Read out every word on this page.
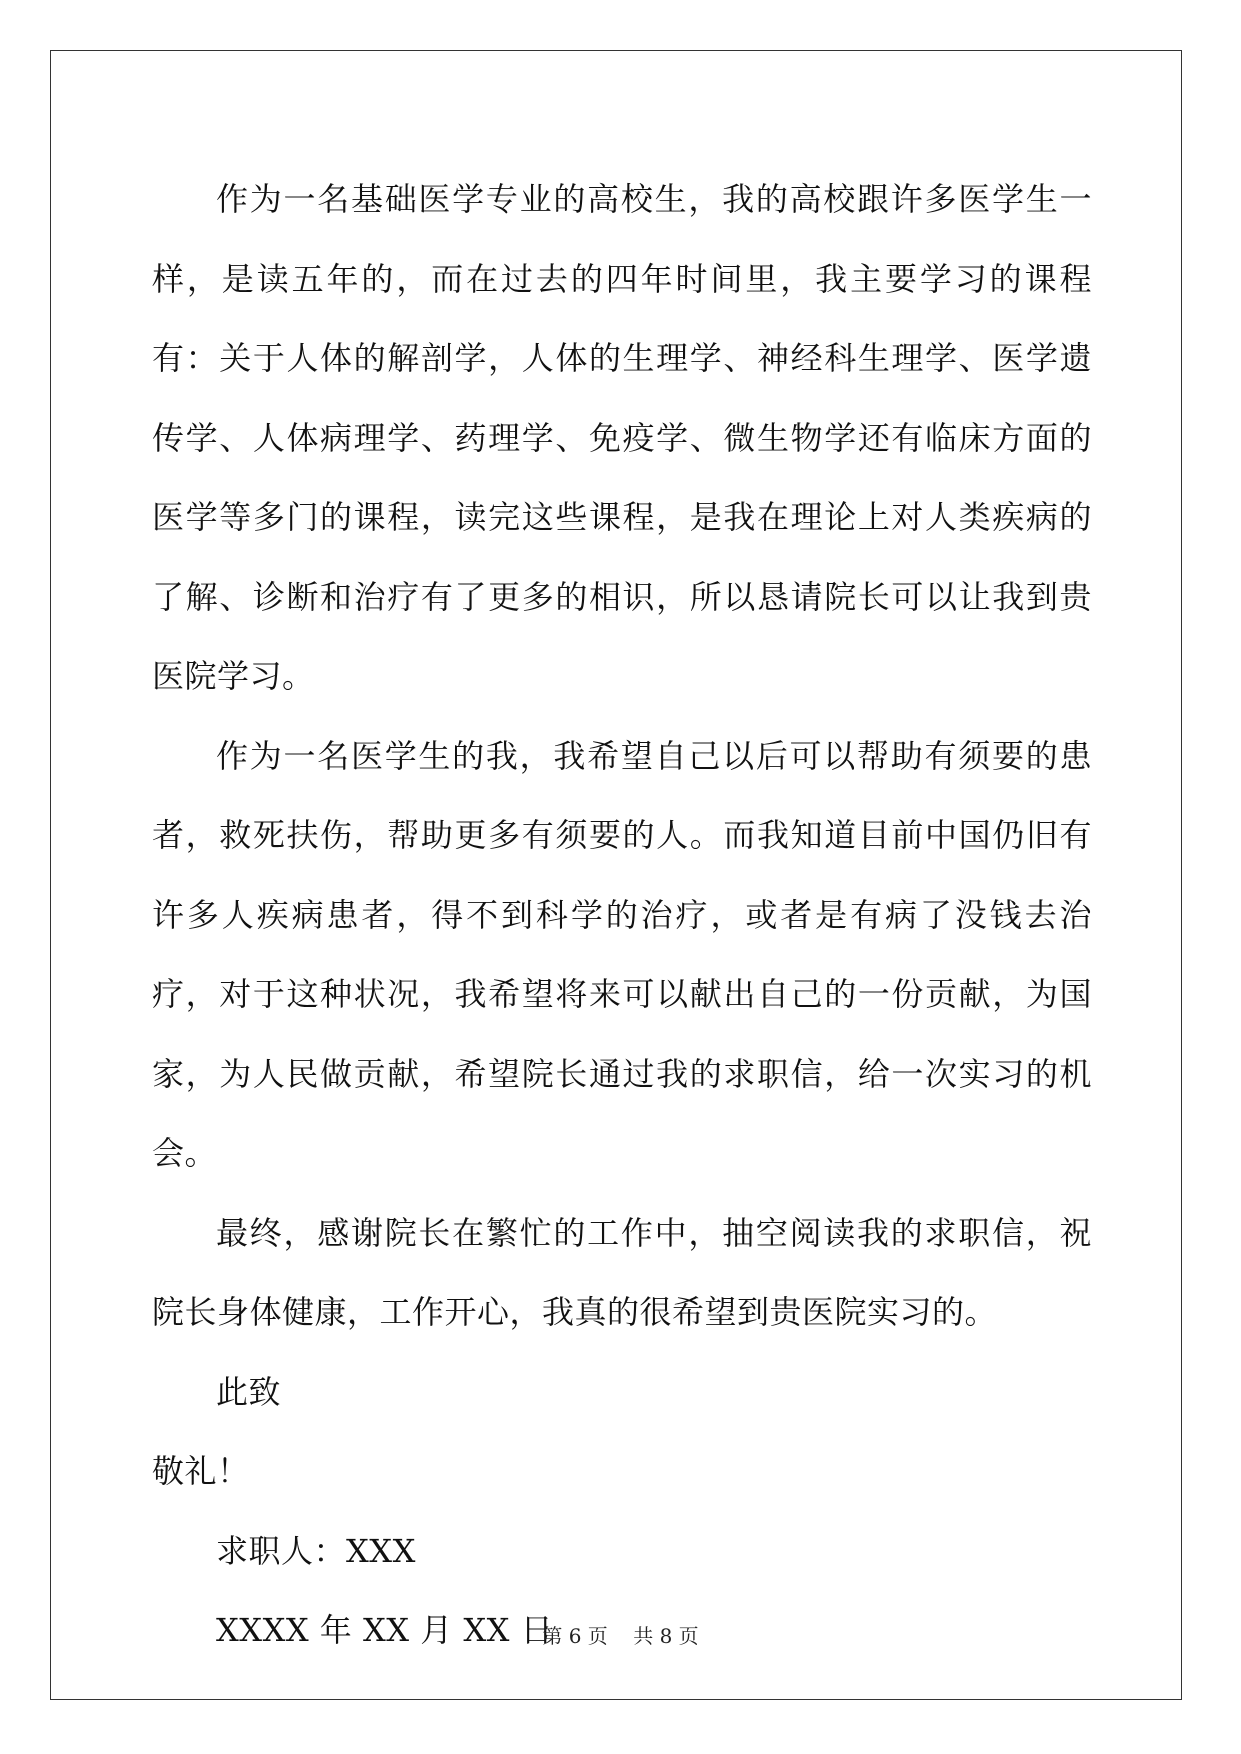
作为一名基础医学专业的高校生，我的高校跟许多医学生一样，是读五年的，而在过去的四年时间里，我主要学习的课程有：关于人体的解剖学，人体的生理学、神经科生理学、医学遗传学、人体病理学、药理学、免疫学、微生物学还有临床方面的医学等多门的课程，读完这些课程，是我在理论上对人类疾病的了解、诊断和治疗有了更多的相识，所以恳请院长可以让我到贵医院学习。

作为一名医学生的我，我希望自己以后可以帮助有须要的患者，救死扶伤，帮助更多有须要的人。而我知道目前中国仍旧有许多人疾病患者，得不到科学的治疗，或者是有病了没钱去治疗，对于这种状况，我希望将来可以献出自己的一份贡献，为国家，为人民做贡献，希望院长通过我的求职信，给一次实习的机会。

最终，感谢院长在繁忙的工作中，抽空阅读我的求职信，祝院长身体健康，工作开心，我真的很希望到贵医院实习的。

此致

敬礼！

求职人：XXX

XXXX 年 XX 月 XX 日

第 6 页    共 8 页
